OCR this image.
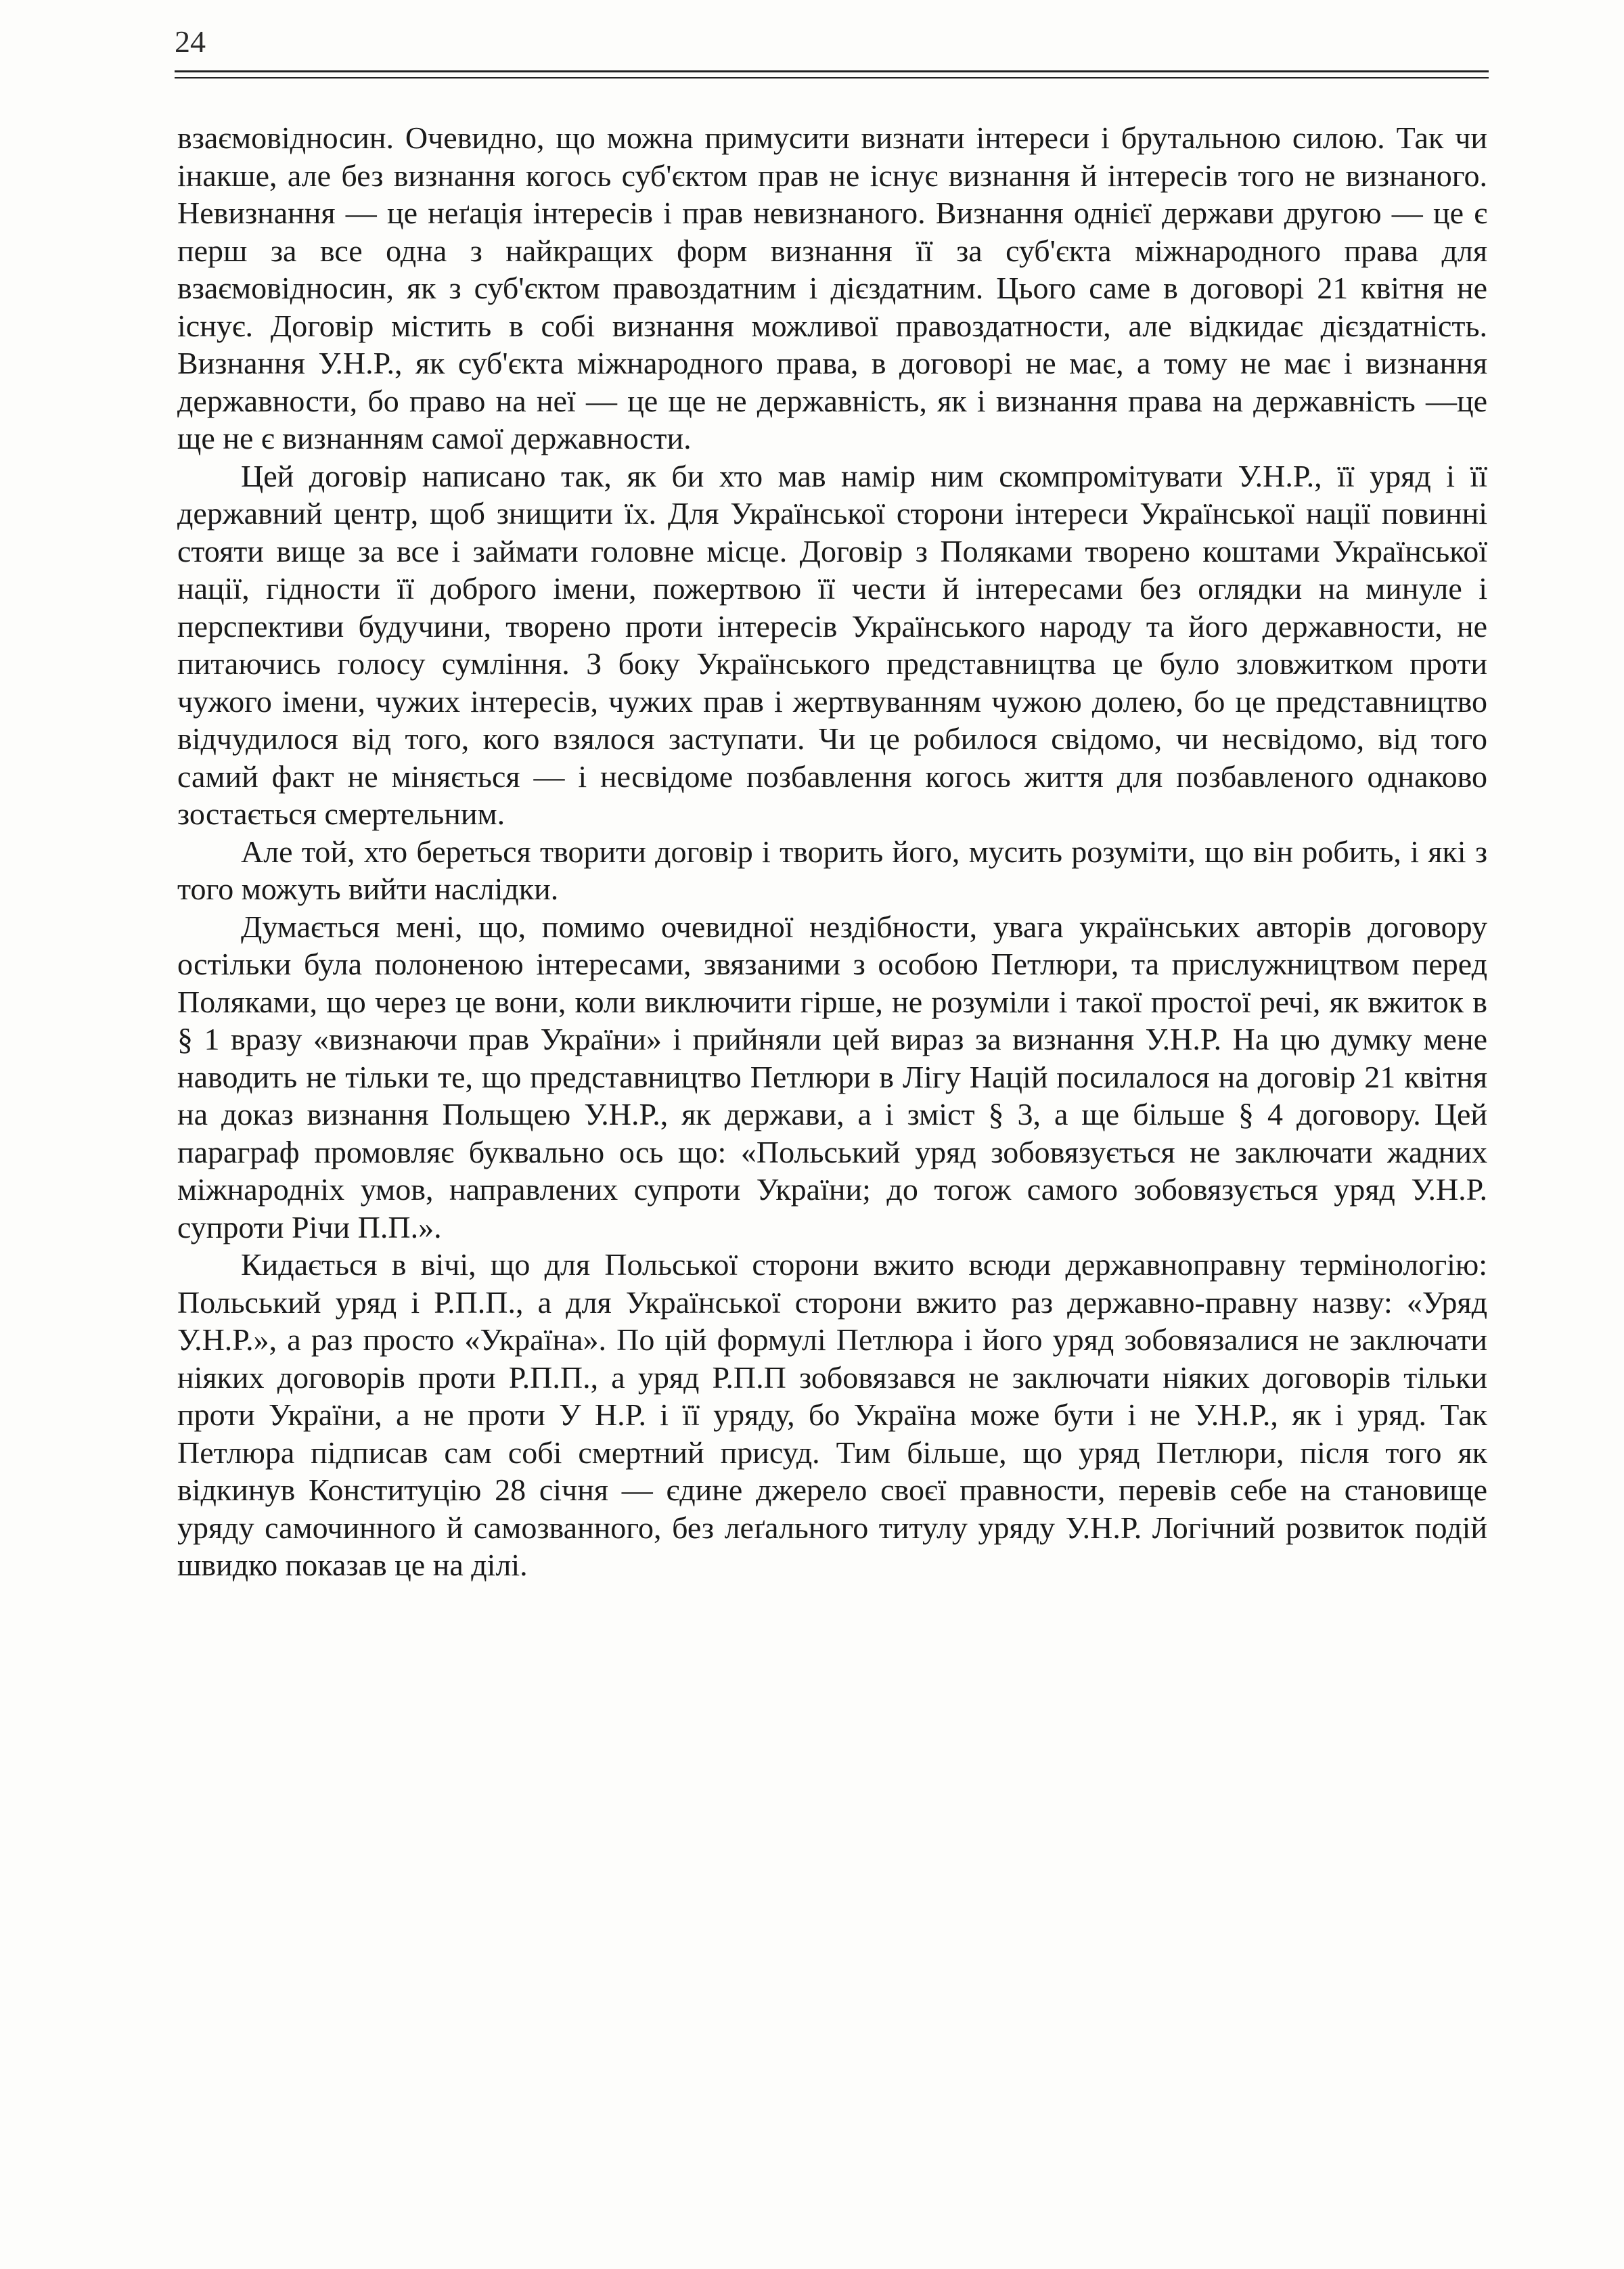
24

взаємовідносин. Очевидно, що можна примусити визнати інтереси і брутальною силою. Так чи інакше, але без визнання когось суб'єктом прав не існує визнання й інтересів того не визнаного. Невизнання — це неґація інтересів і прав невизнаного. Визнання однієї держави другою — це є перш за все одна з найкращих форм визнання її за суб'єкта міжнародного права для взаємовідносин, як з суб'єктом правоздатним і дієздатним. Цього саме в договорі 21 квітня не існує. Договір містить в собі визнання можливої правоздатности, але відкидає дієздатність. Визнання У.Н.Р., як суб'єкта міжнародного права, в договорі не має, а тому не має і визнання державности, бо право на неї — це ще не державність, як і визнання права на державність —це ще не є визнанням самої державности.

Цей договір написано так, як би хто мав намір ним скомпромітувати У.Н.Р., її уряд і її державний центр, щоб знищити їх. Для Української сторони інтереси Української нації повинні стояти вище за все і займати головне місце. Договір з Поляками творено коштами Української нації, гідности її доброго імени, пожертвою її чести й інтересами без оглядки на минуле і перспективи будучини, творено проти інтересів Українського народу та його державности, не питаючись голосу сумління. З боку Українського представництва це було зловжитком проти чужого імени, чужих інтересів, чужих прав і жертвуванням чужою долею, бо це представництво відчудилося від того, кого взялося заступати. Чи це робилося свідомо, чи несвідомо, від того самий факт не міняється — і несвідоме позбавлення когось життя для позбавленого однаково зостається смертельним.

Але той, хто береться творити договір і творить його, мусить розуміти, що він робить, і які з того можуть вийти наслідки.

Думається мені, що, помимо очевидної нездібности, увага українських авторів договору остільки була полоненою інтересами, звязаними з особою Петлюри, та прислужництвом перед Поляками, що через це вони, коли виключити гірше, не розуміли і такої простої речі, як вжиток в § 1 вразу «визнаючи прав України» і прийняли цей вираз за визнання У.Н.Р. На цю думку мене наводить не тільки те, що представництво Петлюри в Лігу Націй посилалося на договір 21 квітня на доказ визнання Польщею У.Н.Р., як держави, а і зміст § 3, а ще більше § 4 договору. Цей параграф промовляє буквально ось що: «Польський уряд зобовязується не заключати жадних міжнародніх умов, направлених супроти України; до тогож самого зобовязується уряд У.Н.Р. супроти Річи П.П.».

Кидається в вічі, що для Польської сторони вжито всюди державноправну термінологію: Польський уряд і Р.П.П., а для Української сторони вжито раз державно-правну назву: «Уряд У.Н.Р.», а раз просто «Україна». По цій формулі Петлюра і його уряд зобовязалися не заключати ніяких договорів проти Р.П.П., а уряд Р.П.П зобовязався не заключати ніяких договорів тільки проти України, а не проти У Н.Р. і її уряду, бо Україна може бути і не У.Н.Р., як і уряд. Так Петлюра підписав сам собі смертний присуд. Тим більше, що уряд Петлюри, після того як відкинув Конституцію 28 січня — єдине джерело своєї правности, перевів себе на становище уряду самочинного й самозванного, без леґального титулу уряду У.Н.Р. Логічний розвиток подій швидко показав це на ділі.
